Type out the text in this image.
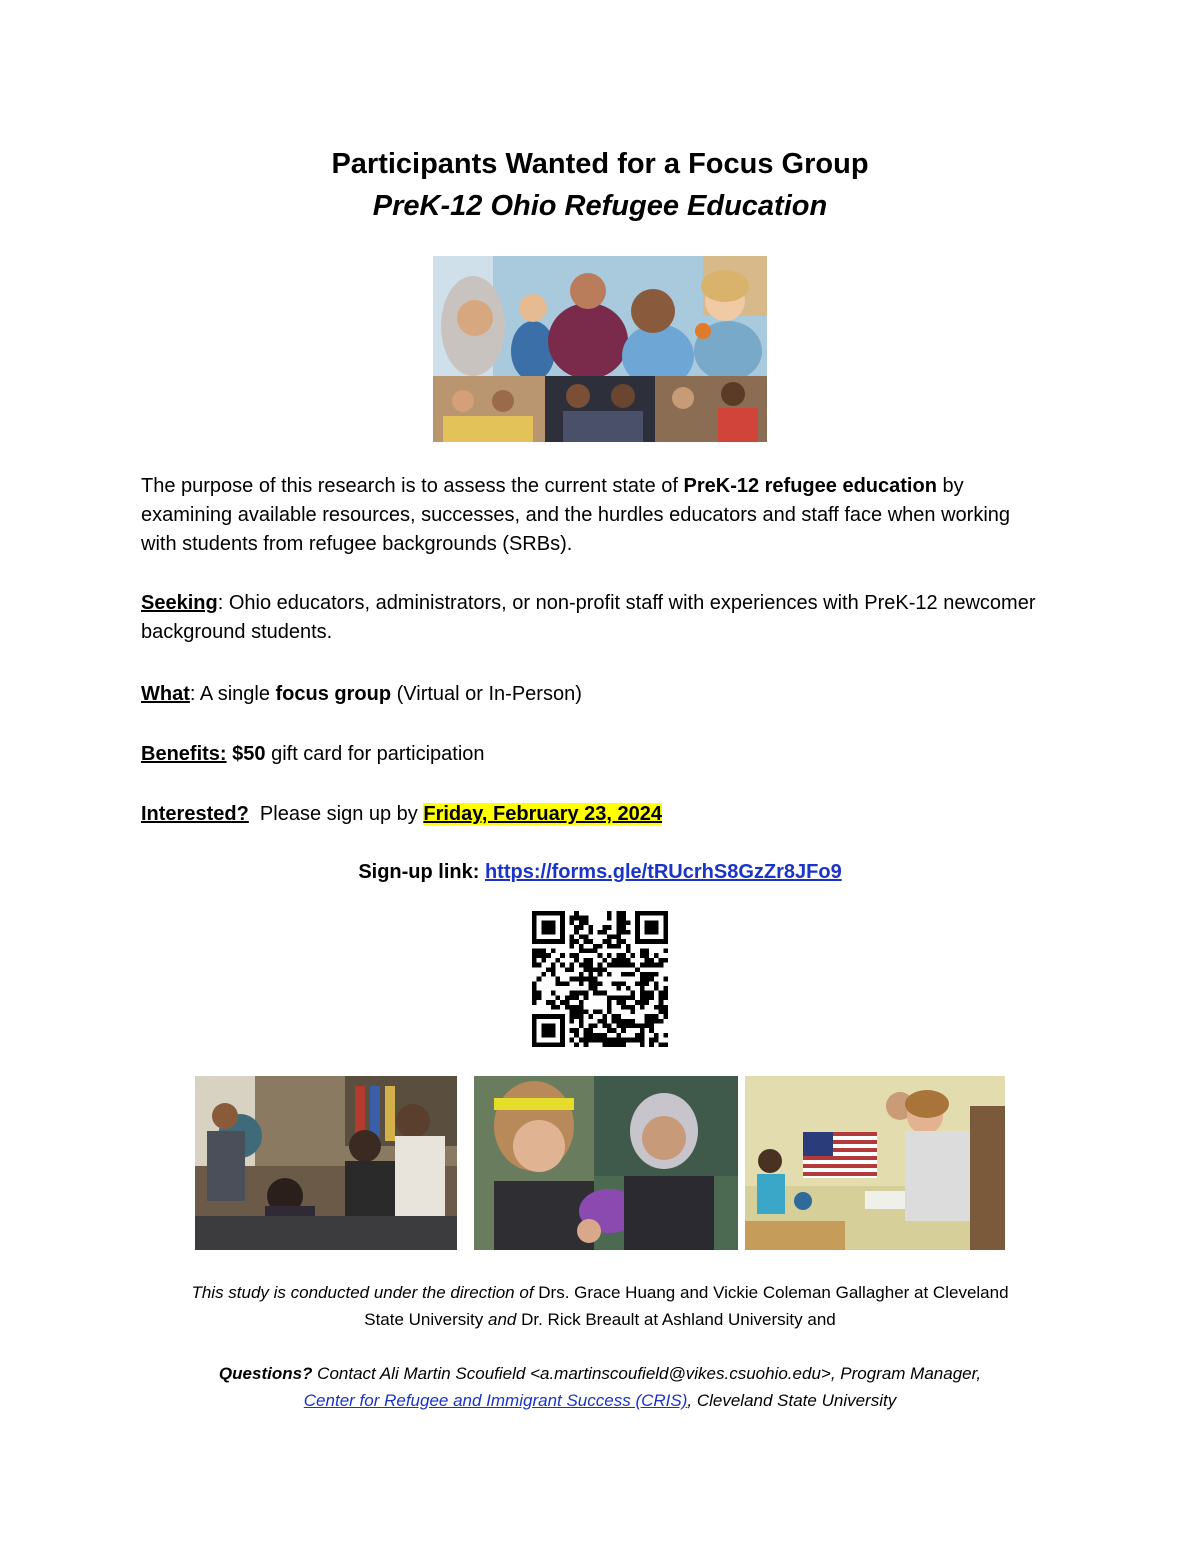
Participants Wanted for a Focus Group
PreK-12 Ohio Refugee Education
The purpose of this research is to assess the current state of PreK-12 refugee education by examining available resources, successes, and the hurdles educators and staff face when working with students from refugee backgrounds (SRBs).
Seeking: Ohio educators, administrators, or non-profit staff with experiences with PreK-12 newcomer background students.
What: A single focus group (Virtual or In-Person)
Benefits: $50 gift card for participation
Interested?  Please sign up by Friday, February 23, 2024
Sign-up link: https://forms.gle/tRUcrhS8GzZr8JFo9
This study is conducted under the direction of Drs. Grace Huang and Vickie Coleman Gallagher at Cleveland
State University and Dr. Rick Breault at Ashland University and
Questions? Contact Ali Martin Scoufield <a.martinscoufield@vikes.csuohio.edu>, Program Manager,
Center for Refugee and Immigrant Success (CRIS), Cleveland State University
